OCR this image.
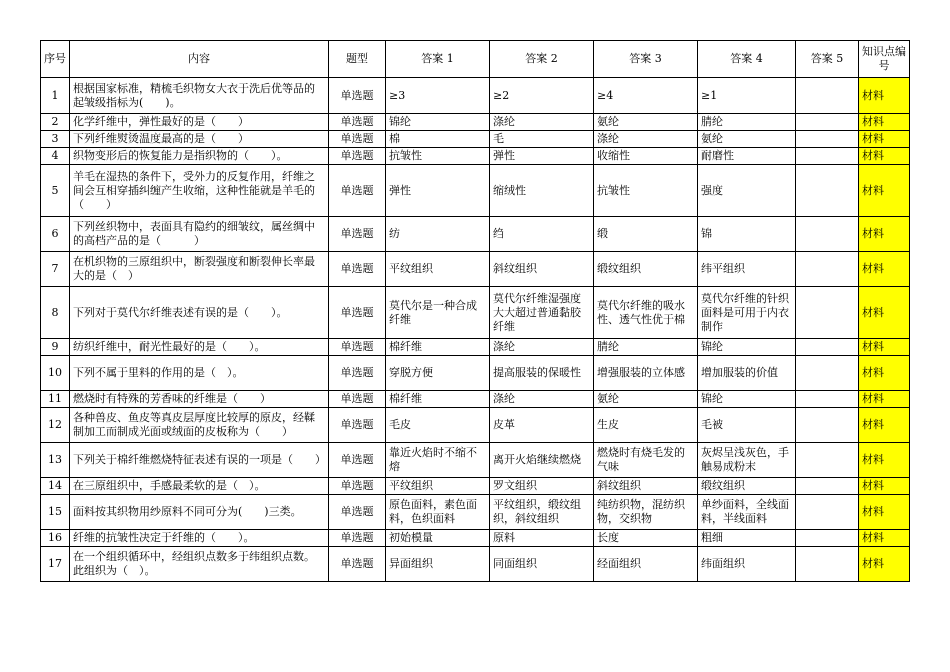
序号	内容	题型	答案 1	答案 2	答案 3	答案 4	答案 5	知识点编号
1	根据国家标准，精梳毛织物女大衣于洗后优等品的起皱级指标为(　　)。	单选题	≥3	≥2	≥4	≥1		材料
2	化学纤维中，弹性最好的是（　　）	单选题	锦纶	涤纶	氨纶	腈纶		材料
3	下列纤维熨烫温度最高的是（　　）	单选题	棉	毛	涤纶	氨纶		材料
4	织物变形后的恢复能力是指织物的（　　）。	单选题	抗皱性	弹性	收缩性	耐磨性		材料
5	羊毛在湿热的条件下，受外力的反复作用，纤维之间会互相穿插纠缠产生收缩，这种性能就是羊毛的（　　）	单选题	弹性	缩绒性	抗皱性	强度		材料
6	下列丝织物中，表面具有隐约的细皱纹，属丝绸中的高档产品的是（　　　）	单选题	纺	绉	缎	锦		材料
7	在机织物的三原组织中，断裂强度和断裂伸长率最大的是（　）	单选题	平纹组织	斜纹组织	缎纹组织	纬平组织		材料
8	下列对于莫代尔纤维表述有误的是（　　）。	单选题	莫代尔是一种合成纤维	莫代尔纤维湿强度大大超过普通黏胶纤维	莫代尔纤维的吸水性、透气性优于棉	莫代尔纤维的针织面料是可用于内衣制作		材料
9	纺织纤维中，耐光性最好的是（　　）。	单选题	棉纤维	涤纶	腈纶	锦纶		材料
10	下列不属于里料的作用的是（　）。	单选题	穿脱方便	提高服装的保暖性	增强服装的立体感	增加服装的价值		材料
11	燃烧时有特殊的芳香味的纤维是（　　）	单选题	棉纤维	涤纶	氨纶	锦纶		材料
12	各种兽皮、鱼皮等真皮层厚度比较厚的原皮，经鞣制加工而制成光面或绒面的皮板称为（　　）	单选题	毛皮	皮革	生皮	毛被		材料
13	下列关于棉纤维燃烧特征表述有误的一项是（　　）	单选题	靠近火焰时不缩不熔	离开火焰继续燃烧	燃烧时有烧毛发的气味	灰烬呈浅灰色，手触易成粉末		材料
14	在三原组织中，手感最柔软的是（　）。	单选题	平纹组织	罗文组织	斜纹组织	缎纹组织		材料
15	面料按其织物用纱原料不同可分为(　　)三类。	单选题	原色面料，素色面料，色织面料	平纹组织，缎纹组织，斜纹组织	纯纺织物，混纺织物，交织物	单纱面料，全线面料，半线面料		材料
16	纤维的抗皱性决定于纤维的（　　）。	单选题	初始模量	原料	长度	粗细		材料
17	在一个组织循环中，经组织点数多于纬组织点数。此组织为（　）。	单选题	异面组织	同面组织	经面组织	纬面组织		材料
